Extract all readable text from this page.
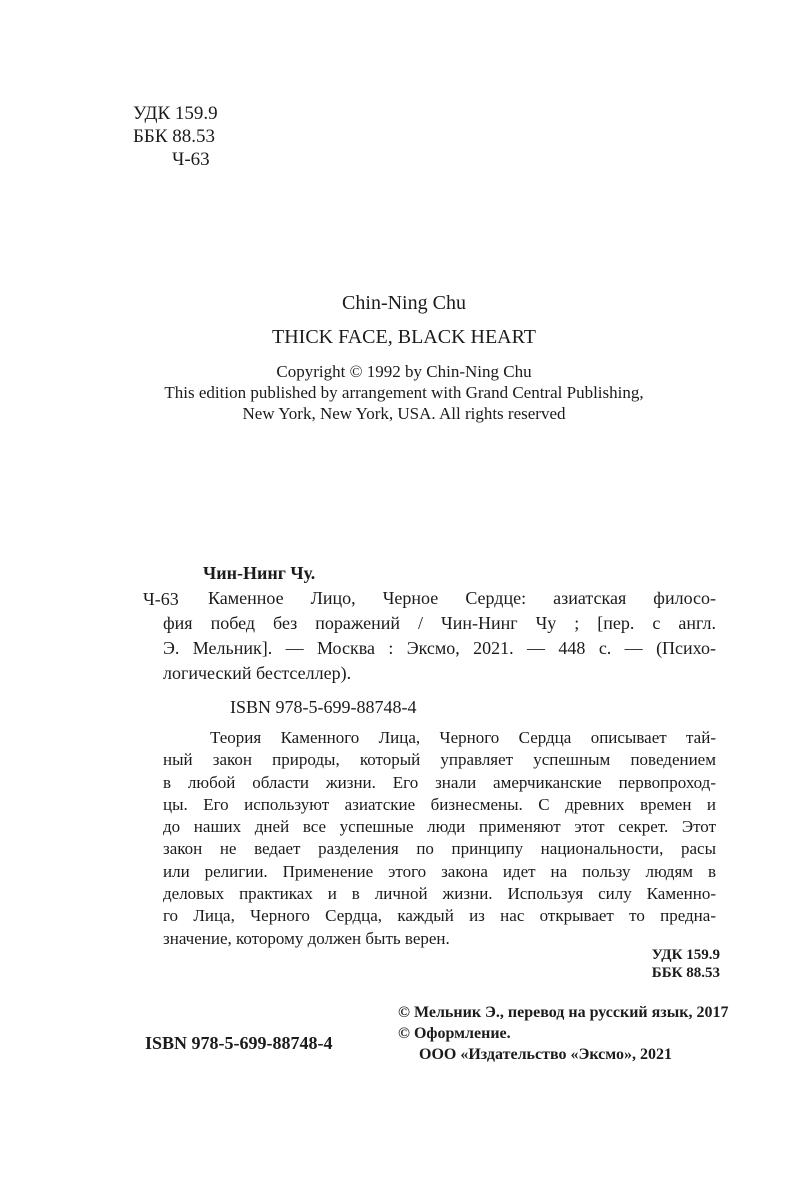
УДК 159.9
ББК 88.53
Ч-63
Chin-Ning Chu
THICK FACE, BLACK HEART
Copyright © 1992 by Chin-Ning Chu
This edition published by arrangement with Grand Central Publishing,
New York, New York, USA. All rights reserved
Ч-63
Чин-Нинг Чу.
Каменное Лицо, Черное Сердце: азиатская филосо-
фия побед без поражений / Чин-Нинг Чу ; [пер. с англ.
Э. Мельник]. — Москва : Эксмо, 2021. — 448 с. — (Психо-
логический бестселлер).
ISBN 978-5-699-88748-4
Теория Каменного Лица, Черного Сердца описывает тай-
ный закон природы, который управляет успешным поведением
в любой области жизни. Его знали амерчиканские первопроход-
цы. Его используют азиатские бизнесмены. С древних времен и
до наших дней все успешные люди применяют этот секрет. Этот
закон не ведает разделения по принципу национальности, расы
или религии. Применение этого закона идет на пользу людям в
деловых практиках и в личной жизни. Используя силу Каменно-
го Лица, Черного Сердца, каждый из нас открывает то предна-
значение, которому должен быть верен.
УДК 159.9
ББК 88.53
© Мельник Э., перевод на русский язык, 2017
© Оформление.
ООО «Издательство «Эксмо», 2021
ISBN 978-5-699-88748-4
